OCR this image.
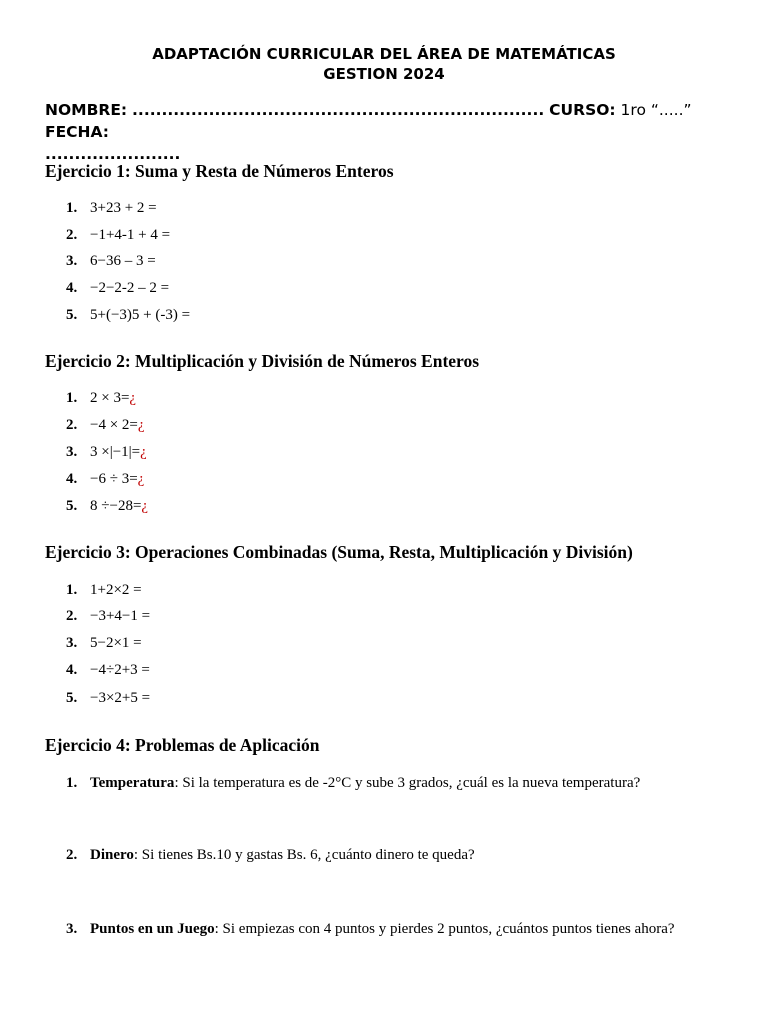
ADAPTACIÓN CURRICULAR DEL ÁREA DE MATEMÁTICAS
GESTION 2024
NOMBRE: ...................................................................... CURSO: 1ro “.....”    FECHA:
.......................
Ejercicio 1: Suma y Resta de Números Enteros
1. 3+23 + 2 =
2. −1+4-1 + 4 =
3. 6−36 – 3 =
4. −2−2-2 – 2 =
5. 5+(−3)5 + (-3) =
Ejercicio 2: Multiplicación y División de Números Enteros
1. 2 × 3=¿
2. −4 × 2=¿
3. 3 ×|−1|=¿
4. −6 ÷ 3=¿
5. 8 ÷−28=¿
Ejercicio 3: Operaciones Combinadas (Suma, Resta, Multiplicación y División)
1. 1+2×2 =
2. −3+4−1 =
3. 5−2×1 =
4. −4÷2+3 =
5. −3×2+5 =
Ejercicio 4: Problemas de Aplicación
1. Temperatura: Si la temperatura es de -2°C y sube 3 grados, ¿cuál es la nueva temperatura?
2. Dinero: Si tienes Bs.10 y gastas Bs. 6, ¿cuánto dinero te queda?
3. Puntos en un Juego: Si empiezas con 4 puntos y pierdes 2 puntos, ¿cuántos puntos tienes ahora?
